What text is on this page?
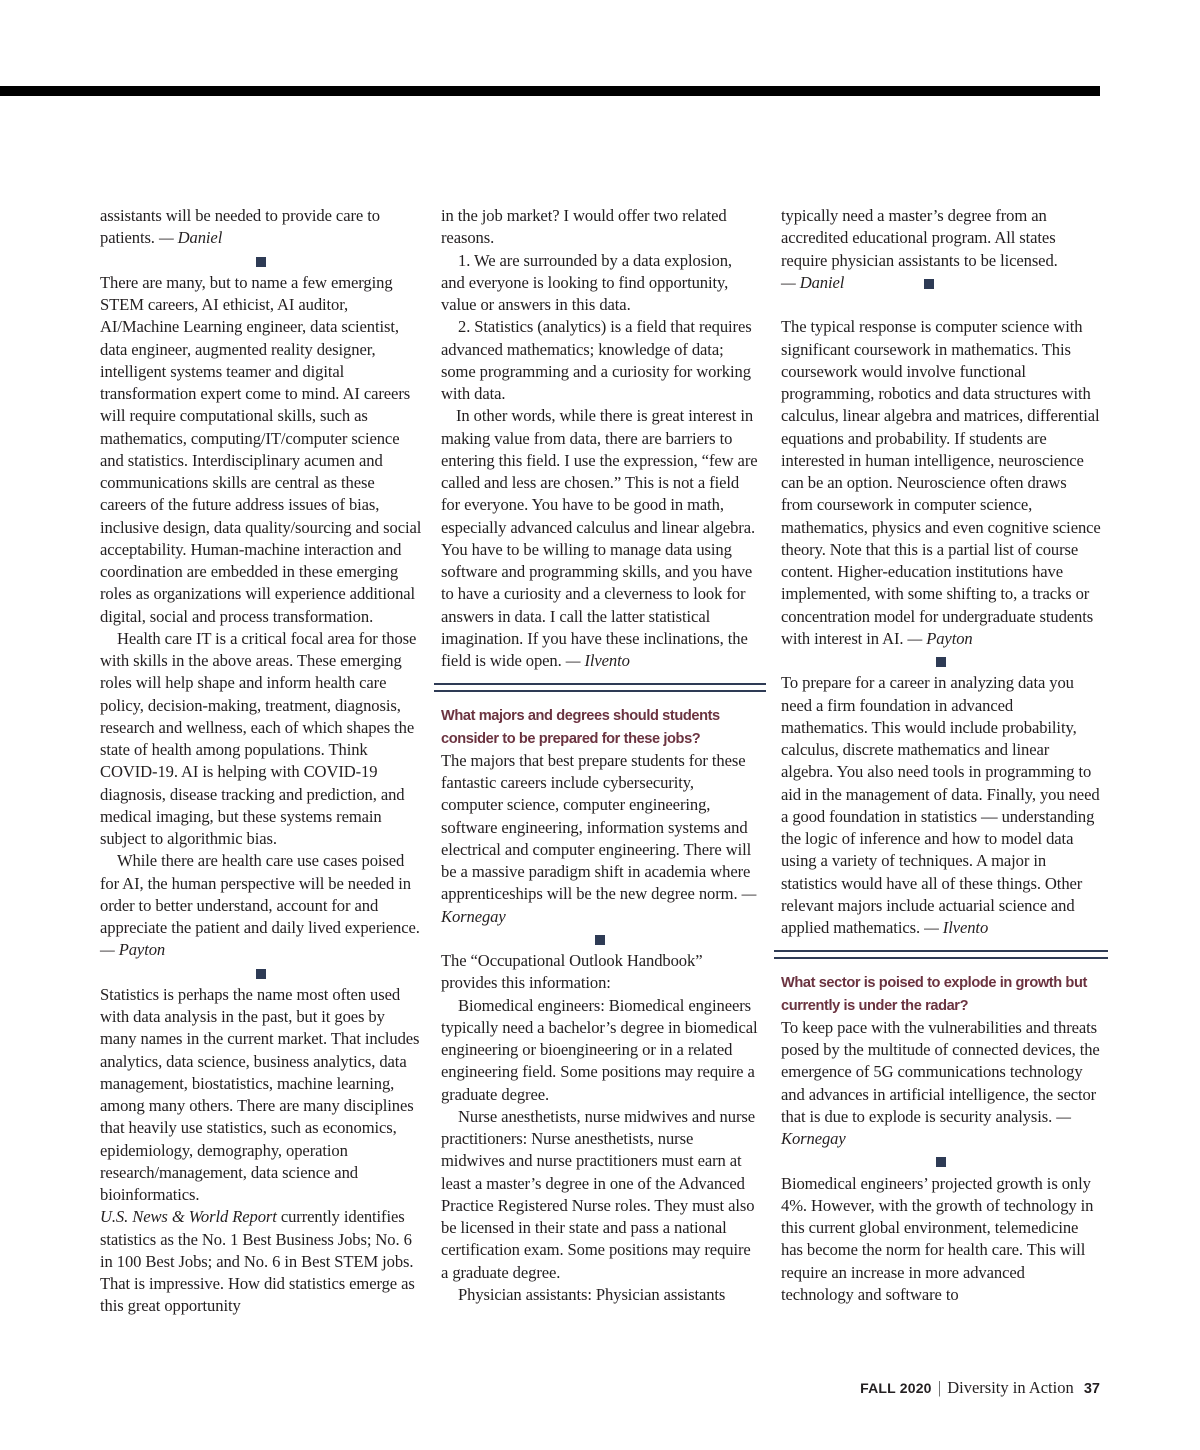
assistants will be needed to provide care to patients. — Daniel

There are many, but to name a few emerging STEM careers, AI ethicist, AI auditor, AI/Machine Learning engineer, data scientist, data engineer, augmented reality designer, intelligent systems teamer and digital transformation expert come to mind. AI careers will require computational skills, such as mathematics, computing/IT/computer science and statistics. Interdisciplinary acumen and communications skills are central as these careers of the future address issues of bias, inclusive design, data quality/sourcing and social acceptability. Human-machine interaction and coordination are embedded in these emerging roles as organizations will experience additional digital, social and process transformation.

Health care IT is a critical focal area for those with skills in the above areas. These emerging roles will help shape and inform health care policy, decision-making, treatment, diagnosis, research and wellness, each of which shapes the state of health among populations. Think COVID-19. AI is helping with COVID-19 diagnosis, disease tracking and prediction, and medical imaging, but these systems remain subject to algorithmic bias.

While there are health care use cases poised for AI, the human perspective will be needed in order to better understand, account for and appreciate the patient and daily lived experience. — Payton

Statistics is perhaps the name most often used with data analysis in the past, but it goes by many names in the current market. That includes analytics, data science, business analytics, data management, biostatistics, machine learning, among many others. There are many disciplines that heavily use statistics, such as economics, epidemiology, demography, operation research/management, data science and bioinformatics.

U.S. News & World Report currently identifies statistics as the No. 1 Best Business Jobs; No. 6 in 100 Best Jobs; and No. 6 in Best STEM jobs. That is impressive. How did statistics emerge as this great opportunity

in the job market? I would offer two related reasons.

1. We are surrounded by a data explosion, and everyone is looking to find opportunity, value or answers in this data.

2. Statistics (analytics) is a field that requires advanced mathematics; knowledge of data; some programming and a curiosity for working with data.

In other words, while there is great interest in making value from data, there are barriers to entering this field. I use the expression, “few are called and less are chosen.” This is not a field for everyone. You have to be good in math, especially advanced calculus and linear algebra. You have to be willing to manage data using software and programming skills, and you have to have a curiosity and a cleverness to look for answers in data. I call the latter statistical imagination. If you have these inclinations, the field is wide open. — Ilvento

What majors and degrees should students consider to be prepared for these jobs?

The majors that best prepare students for these fantastic careers include cybersecurity, computer science, computer engineering, software engineering, information systems and electrical and computer engineering. There will be a massive paradigm shift in academia where apprenticeships will be the new degree norm. — Kornegay

The “Occupational Outlook Handbook” provides this information:

Biomedical engineers: Biomedical engineers typically need a bachelor’s degree in biomedical engineering or bioengineering or in a related engineering field. Some positions may require a graduate degree.

Nurse anesthetists, nurse midwives and nurse practitioners: Nurse anesthetists, nurse midwives and nurse practitioners must earn at least a master’s degree in one of the Advanced Practice Registered Nurse roles. They must also be licensed in their state and pass a national certification exam. Some positions may require a graduate degree.

Physician assistants: Physician assistants

typically need a master’s degree from an accredited educational program. All states require physician assistants to be licensed.
— Daniel

The typical response is computer science with significant coursework in mathematics. This coursework would involve functional programming, robotics and data structures with calculus, linear algebra and matrices, differential equations and probability. If students are interested in human intelligence, neuroscience can be an option. Neuroscience often draws from coursework in computer science, mathematics, physics and even cognitive science theory. Note that this is a partial list of course content. Higher-education institutions have implemented, with some shifting to, a tracks or concentration model for undergraduate students with interest in AI. — Payton

To prepare for a career in analyzing data you need a firm foundation in advanced mathematics. This would include probability, calculus, discrete mathematics and linear algebra. You also need tools in programming to aid in the management of data. Finally, you need a good foundation in statistics — understanding the logic of inference and how to model data using a variety of techniques. A major in statistics would have all of these things. Other relevant majors include actuarial science and applied mathematics. — Ilvento

What sector is poised to explode in growth but currently is under the radar?

To keep pace with the vulnerabilities and threats posed by the multitude of connected devices, the emergence of 5G communications technology and advances in artificial intelligence, the sector that is due to explode is security analysis. — Kornegay

Biomedical engineers’ projected growth is only 4%. However, with the growth of technology in this current global environment, telemedicine has become the norm for health care. This will require an increase in more advanced technology and software to

FALL 2020 | Diversity in Action 37
